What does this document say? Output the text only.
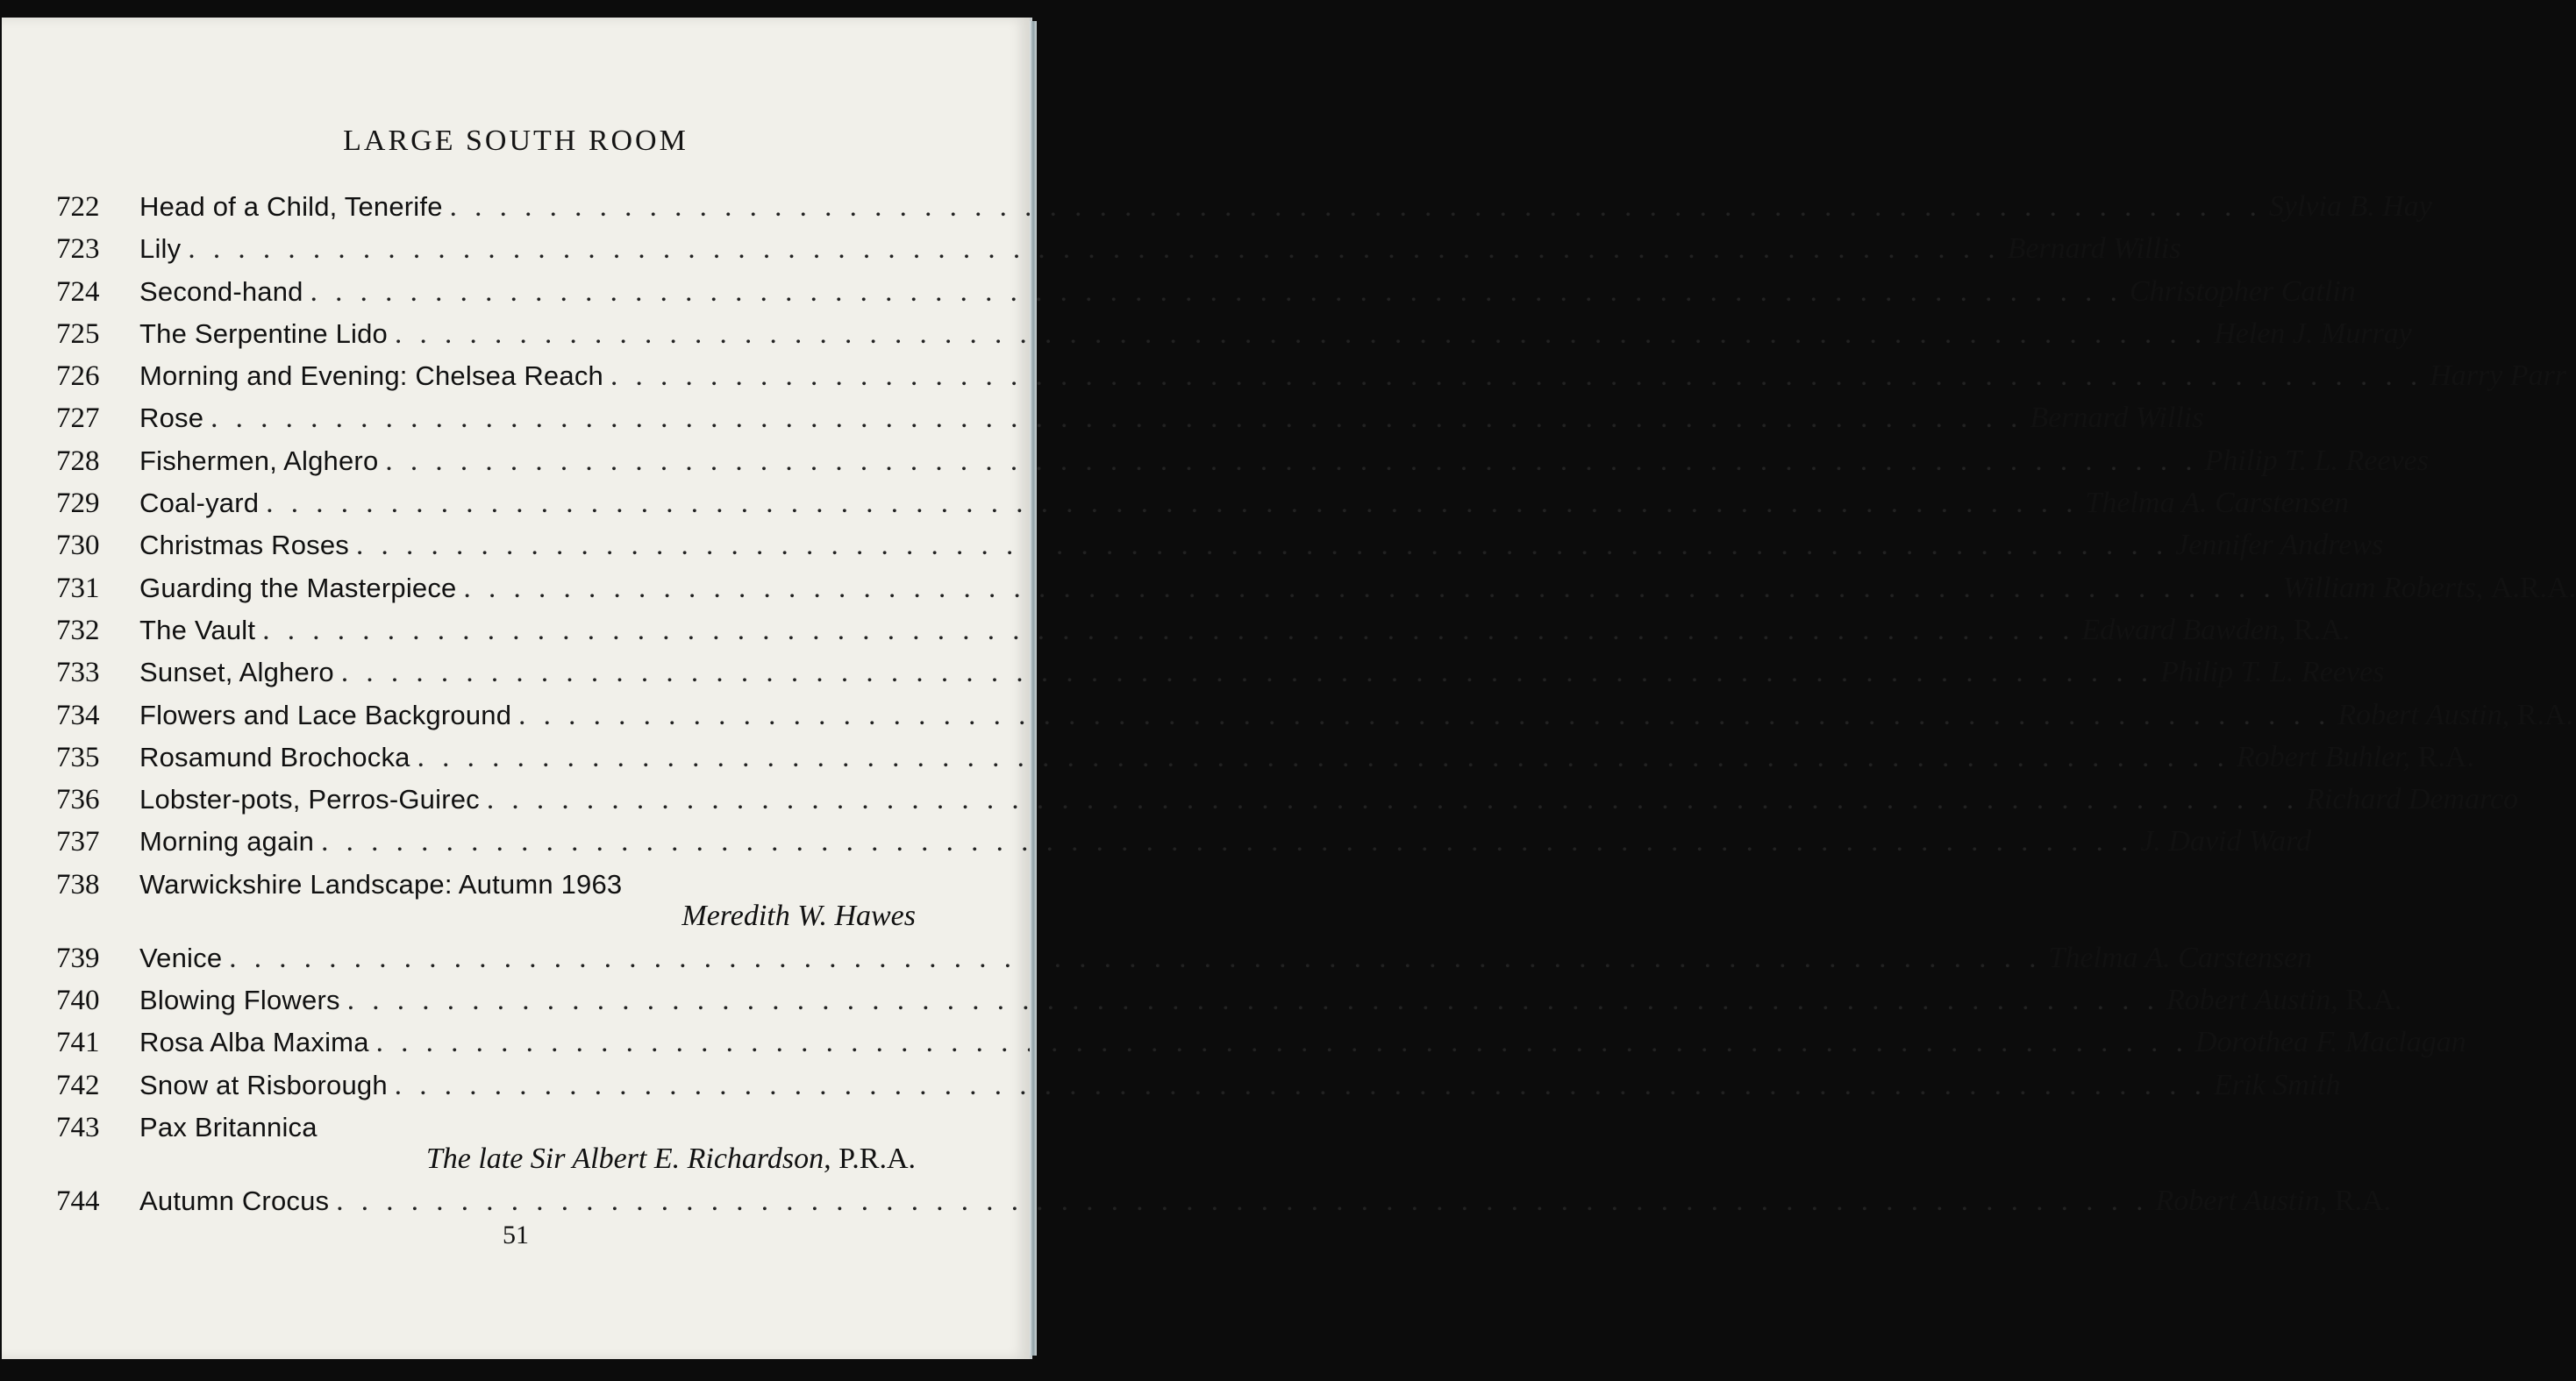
LARGE SOUTH ROOM
722	Head of a Child, Tenerife . . .	Sylvia B. Hay
723	Lily . . .	Bernard Willis
724	Second-hand . . .	Christopher Catlin
725	The Serpentine Lido . . .	Helen J. Murray
726	Morning and Evening: Chelsea Reach . . .	Harry Parr
727	Rose . . .	Bernard Willis
728	Fishermen, Alghero . . .	Philip T. L. Reeves
729	Coal-yard . . .	Thelma A. Carstensen
730	Christmas Roses . . .	Jennifer Andrews
731	Guarding the Masterpiece . . .	William Roberts, A.R.A.
732	The Vault . . .	Edward Bawden, R.A.
733	Sunset, Alghero . . .	Philip T. L. Reeves
734	Flowers and Lace Background . . .	Robert Austin, R.A.
735	Rosamund Brochocka . . .	Robert Buhler, R.A.
736	Lobster-pots, Perros-Guirec . . .	Richard Demarco
737	Morning again . . .	J. David Ward
738	Warwickshire Landscape: Autumn 1963
Meredith W. Hawes
739	Venice . . .	Thelma A. Carstensen
740	Blowing Flowers . . .	Robert Austin, R.A.
741	Rosa Alba Maxima . . .	Dorothea F. Maclagan
742	Snow at Risborough . . .	Erik Smith
743	Pax Britannica
The late Sir Albert E. Richardson, P.R.A.
744	Autumn Crocus . . .	Robert Austin, R.A.
51
